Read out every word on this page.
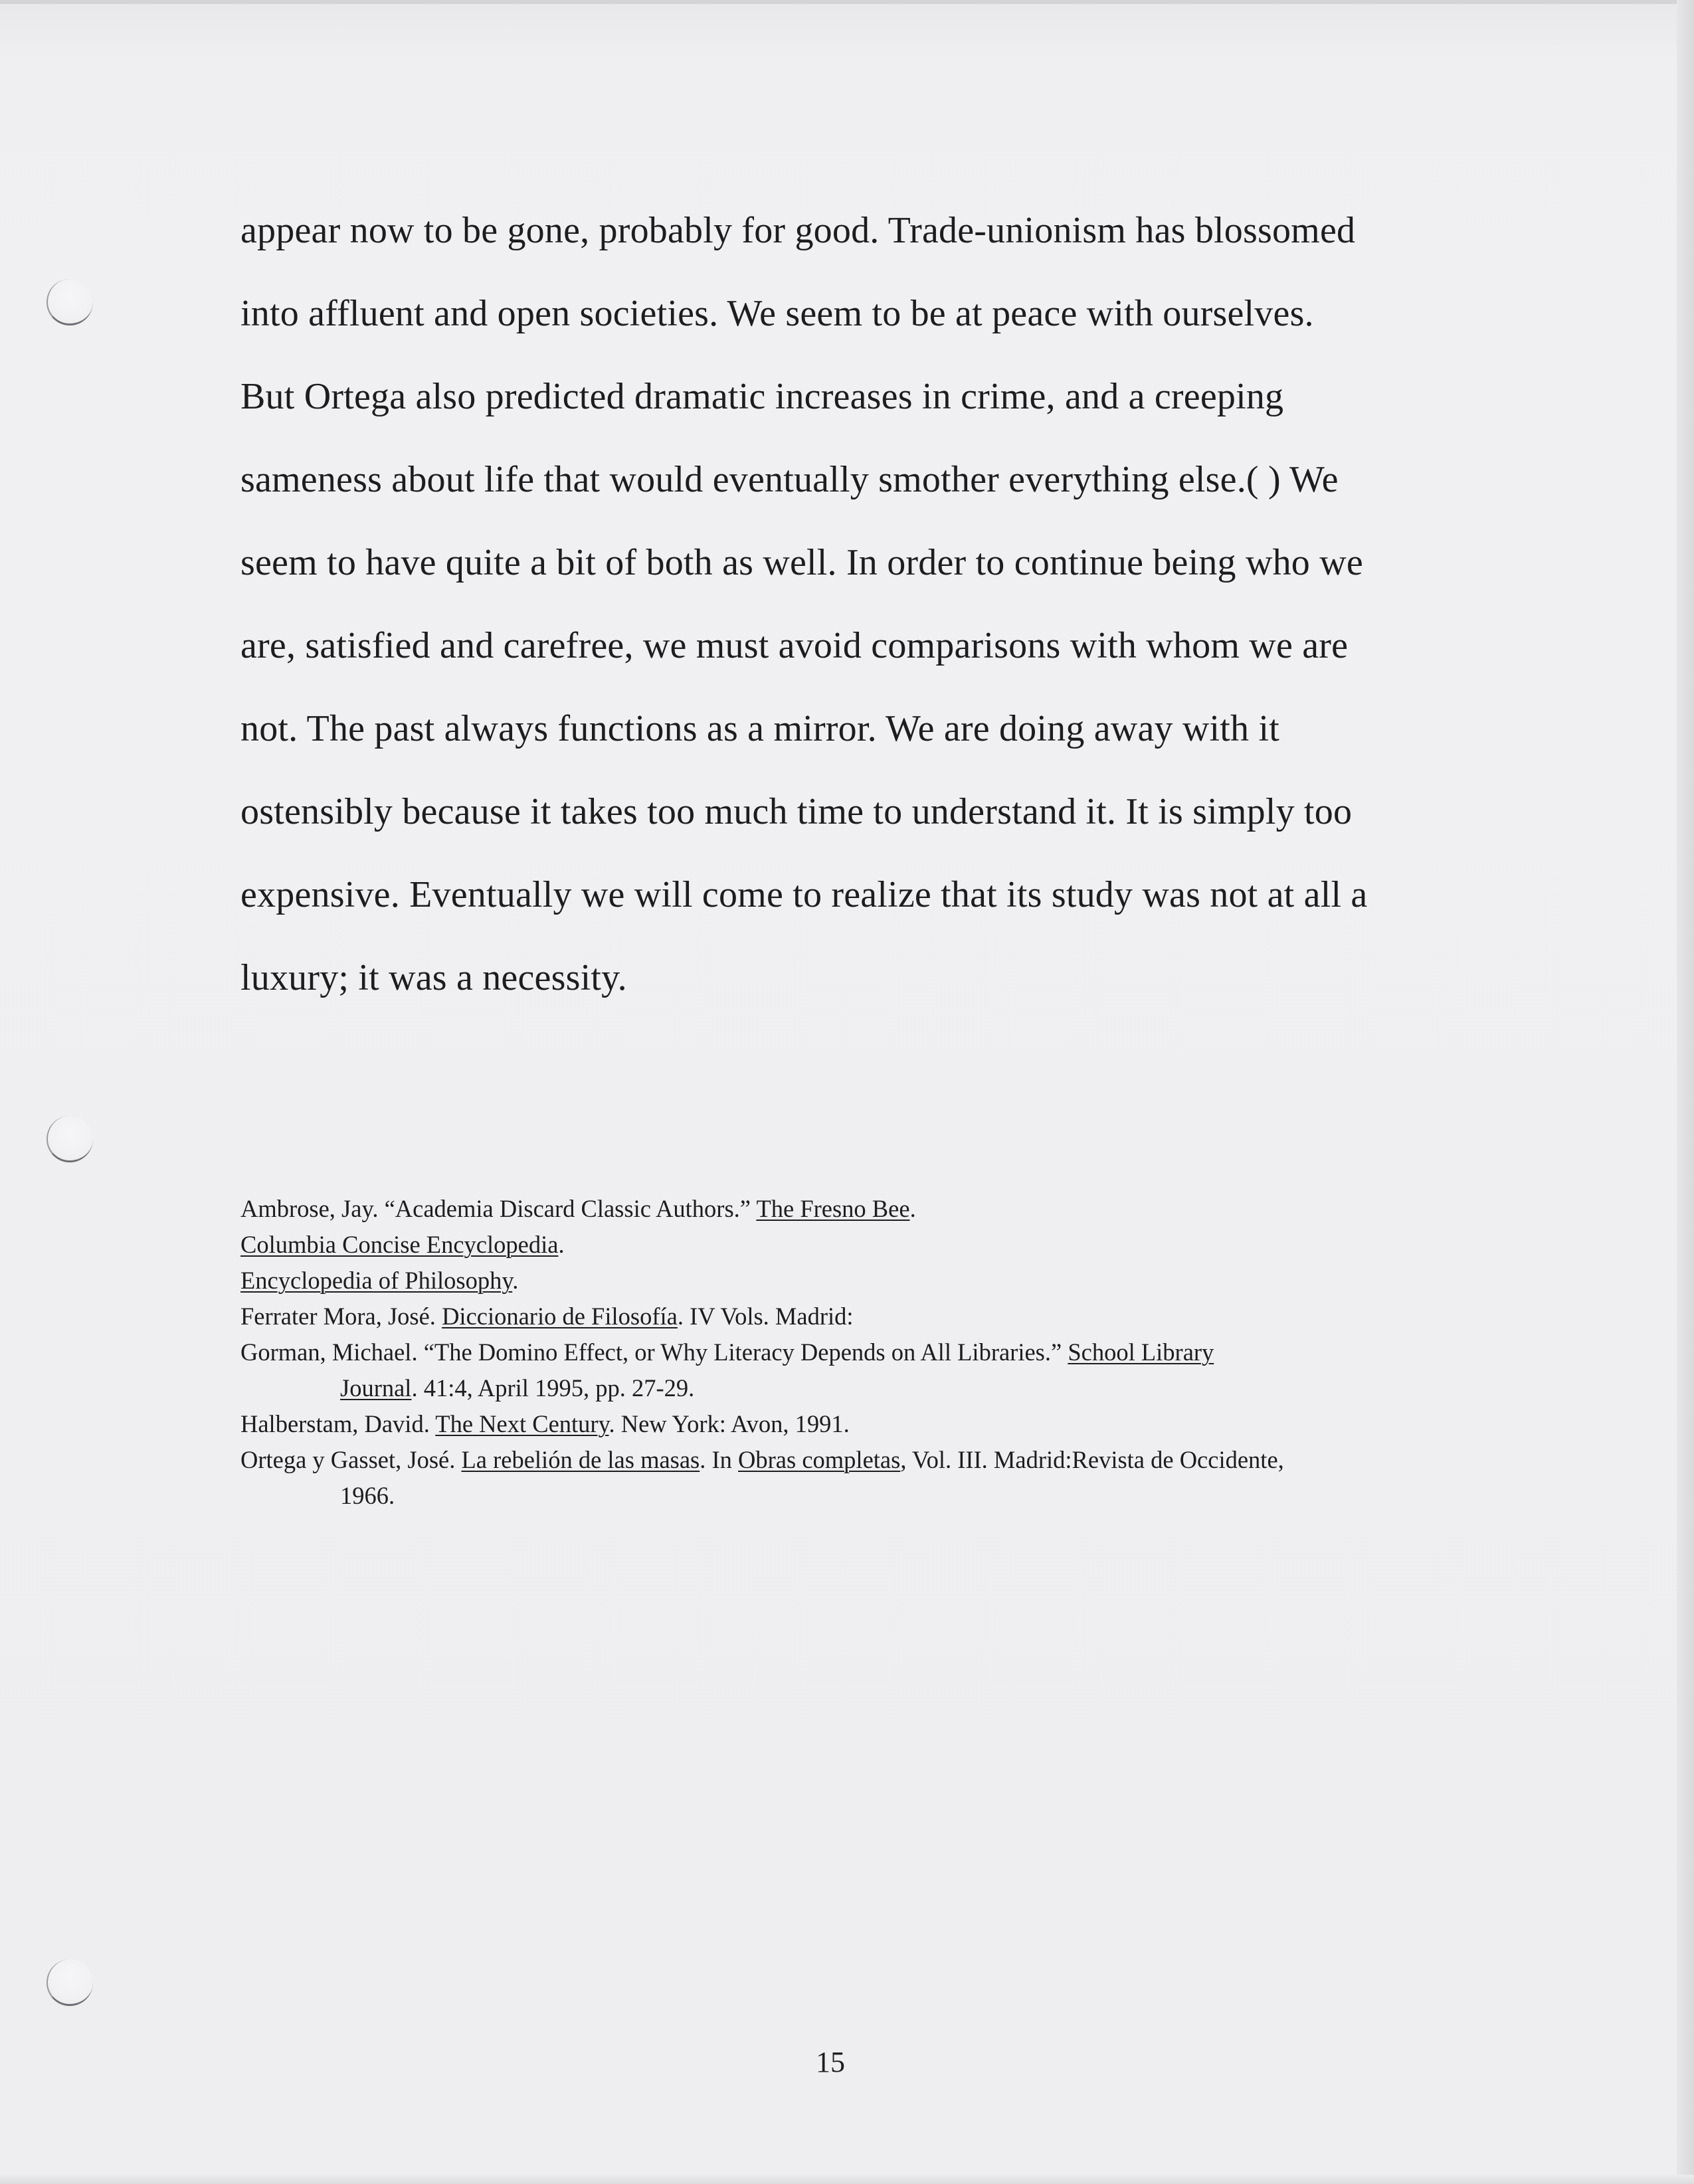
appear now to be gone, probably for good. Trade-unionism has blossomed
into affluent and open societies. We seem to be at peace with ourselves.
But Ortega also predicted dramatic increases in crime, and a creeping
sameness about life that would eventually smother everything else.( ) We
seem to have quite a bit of both as well. In order to continue being who we
are, satisfied and carefree, we must avoid comparisons with whom we are
not. The past always functions as a mirror. We are doing away with it
ostensibly because it takes too much time to understand it. It is simply too
expensive. Eventually we will come to realize that its study was not at all a
luxury; it was a necessity.
Ambrose, Jay. “Academia Discard Classic Authors.” The Fresno Bee.
Columbia Concise Encyclopedia.
Encyclopedia of Philosophy.
Ferrater Mora, José. Diccionario de Filosofía. IV Vols. Madrid:
Gorman, Michael. “The Domino Effect, or Why Literacy Depends on All Libraries.” School Library
Journal. 41:4, April 1995, pp. 27-29.
Halberstam, David. The Next Century. New York: Avon, 1991.
Ortega y Gasset, José. La rebelión de las masas. In Obras completas, Vol. III. Madrid:Revista de Occidente,
1966.
15
